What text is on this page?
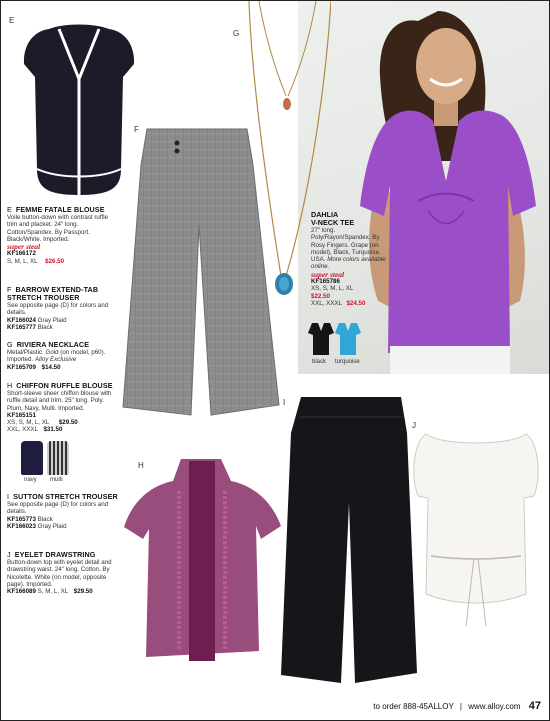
E
F
G
H
I
J
E FEMME FATALE BLOUSE
Voile button-down with contrast ruffle trim and placket. 24" long. Cotton/Spandex. By Passport. Black/White. Imported.
super steal
KF166172
S, M, L, XL $26.50
F BARROW EXTEND-TAB STRETCH TROUSER
See opposite page (D) for colors and details.
KF166024 Gray Plaid
KF165777 Black
G RIVIERA NECKLACE
Metal/Plastic. Gold (on model, p60). Imported. Alloy Exclusive
KF165709 $14.50
H CHIFFON RUFFLE BLOUSE
Short-sleeve sheer chiffon blouse with ruffle detail and trim. 25" long. Poly. Plum, Navy, Multi. Imported.
KF165151
XS, S, M, L, XL $29.50
XXL, XXXL $31.50
navy multi
I SUTTON STRETCH TROUSER
See opposite page (D) for colors and details.
KF165773 Black
KF166023 Gray Plaid
J EYELET DRAWSTRING
Button-down top with eyelet detail and drawstring waist. 24" long. Cotton. By Nicolette. White (on model, opposite page). Imported.
KF166089 S, M, L, XL $29.50
DAHLIA
V-NECK TEE
27" long. Poly/Rayon/Spandex. By Rosy Fingers. Grape (on model), Black, Turquoise. USA. More colors available online.
super steal
KF165786
XS, S, M, L, XL
$22.50
XXL, XXXL $24.50
black turquoise
to order 888-45ALLOY | www.alloy.com 47
